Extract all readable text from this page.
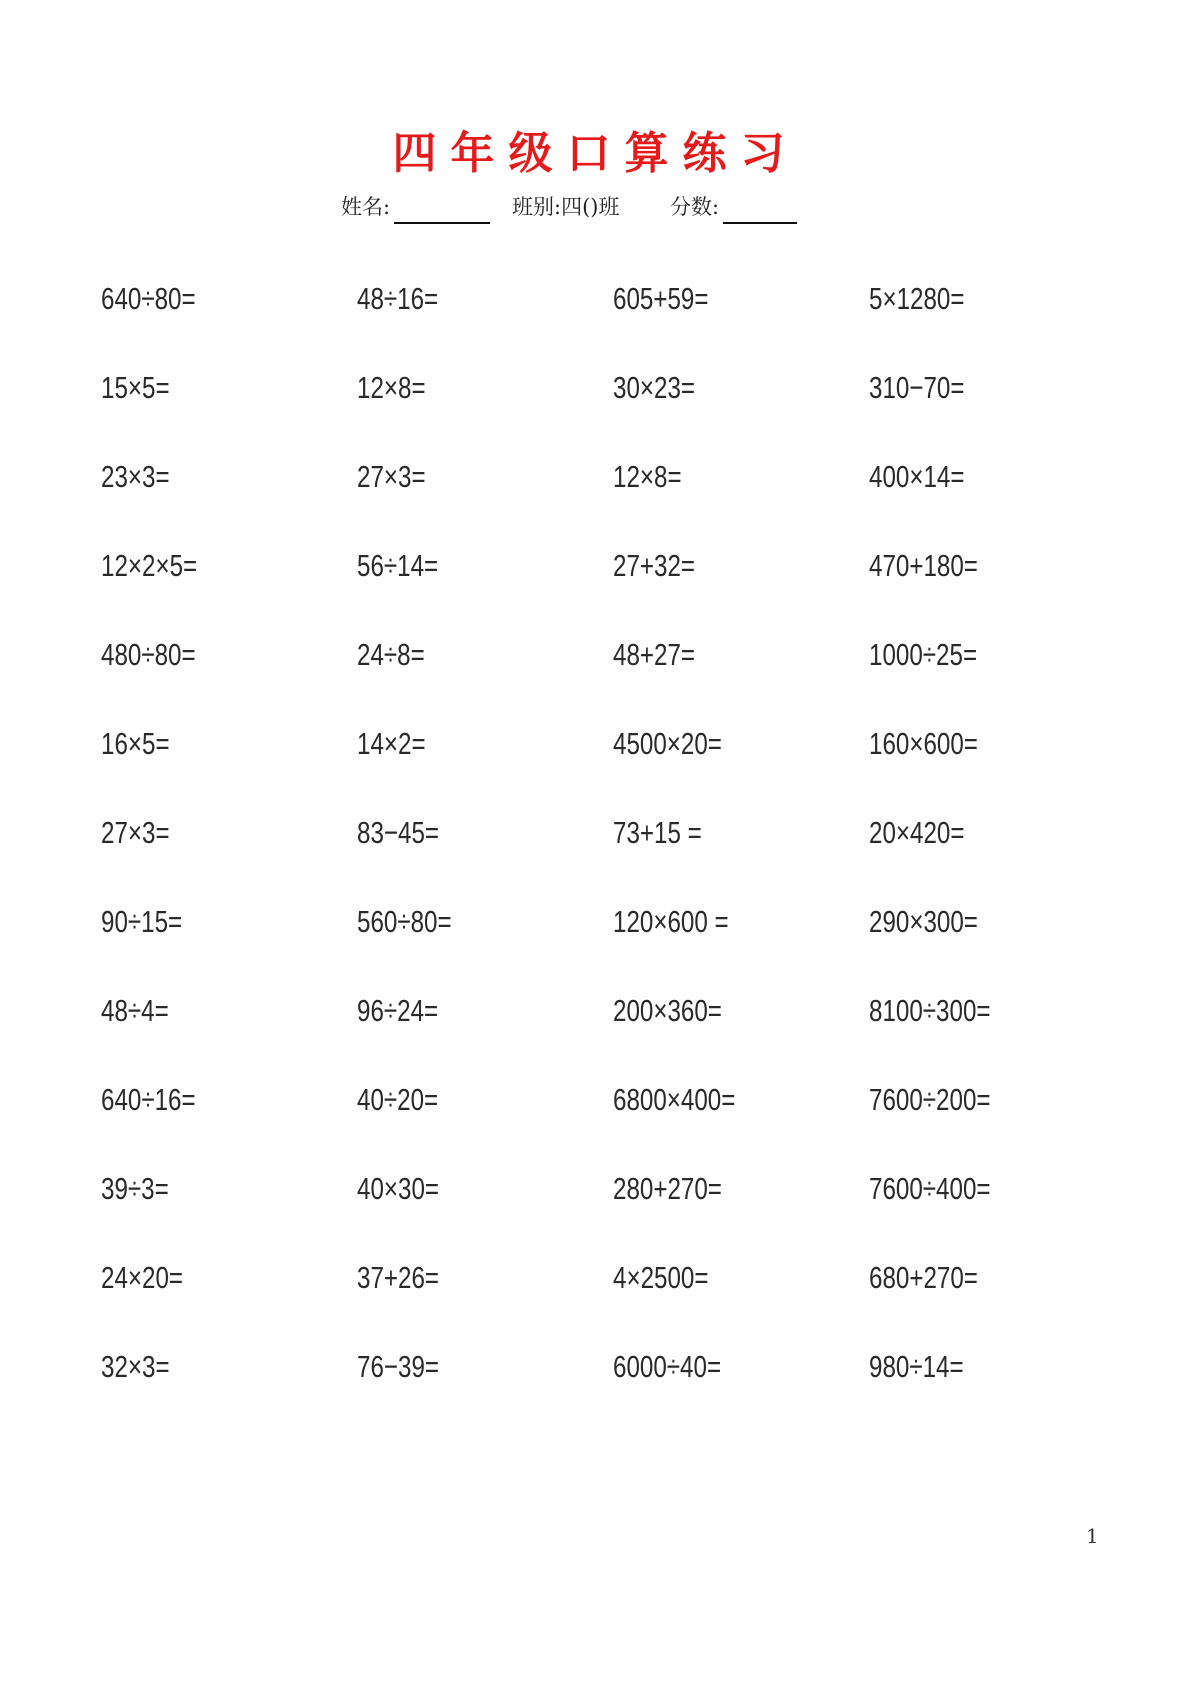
四年级口算练习
姓名:	班别:四()班 分数:
640÷80=	48÷16=	605+59=	5×1280=
15×5=	12×8=	30×23=	310−70=
23×3=	27×3=	12×8=	400×14=
12×2×5=	56÷14=	27+32=	470+180=
480÷80=	24÷8=	48+27=	1000÷25=
16×5=	14×2=	4500×20=	160×600=
27×3=	83−45=	73+15 =	20×420=
90÷15=	560÷80=	120×600 =	290×300=
48÷4=	96÷24=	200×360=	8100÷300=
640÷16=	40÷20=	6800×400=	7600÷200=
39÷3=	40×30=	280+270=	7600÷400=
24×20=	37+26=	4×2500=	680+270=
32×3=	76−39=	6000÷40=	980÷14=
1
